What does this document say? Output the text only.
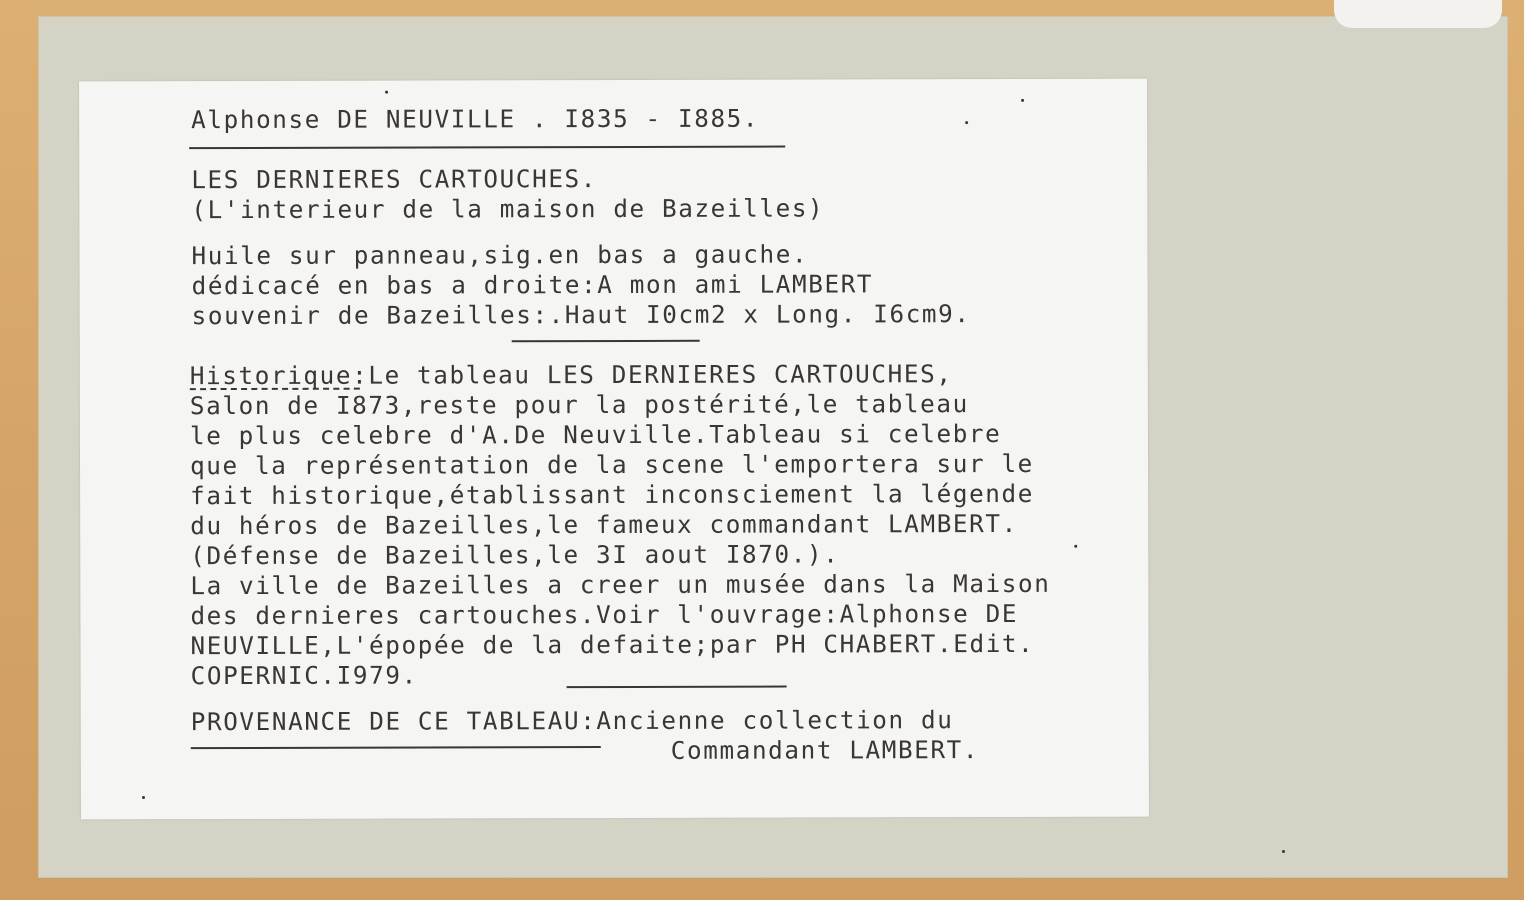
Alphonse DE NEUVILLE . I835 - I885.
LES DERNIERES CARTOUCHES.
(L'interieur de la maison de Bazeilles)
Huile sur panneau,sig.en bas a gauche.
dédicacé en bas a droite:A mon ami LAMBERT
souvenir de Bazeilles:.Haut I0cm2 x Long. I6cm9.
Historique:Le tableau LES DERNIERES CARTOUCHES,
Salon de I873,reste pour la postérité,le tableau
le plus celebre d'A.De Neuville.Tableau si celebre
que la représentation de la scene l'emportera sur le
fait historique,établissant inconsciement la légende
du héros de Bazeilles,le fameux commandant LAMBERT.
(Défense de Bazeilles,le 3I aout I870.).
La ville de Bazeilles a creer un musée dans la Maison
des dernieres cartouches.Voir l'ouvrage:Alphonse DE
NEUVILLE,L'épopée de la defaite;par PH CHABERT.Edit.
COPERNIC.I979.
PROVENANCE DE CE TABLEAU:Ancienne collection du
Commandant LAMBERT.
